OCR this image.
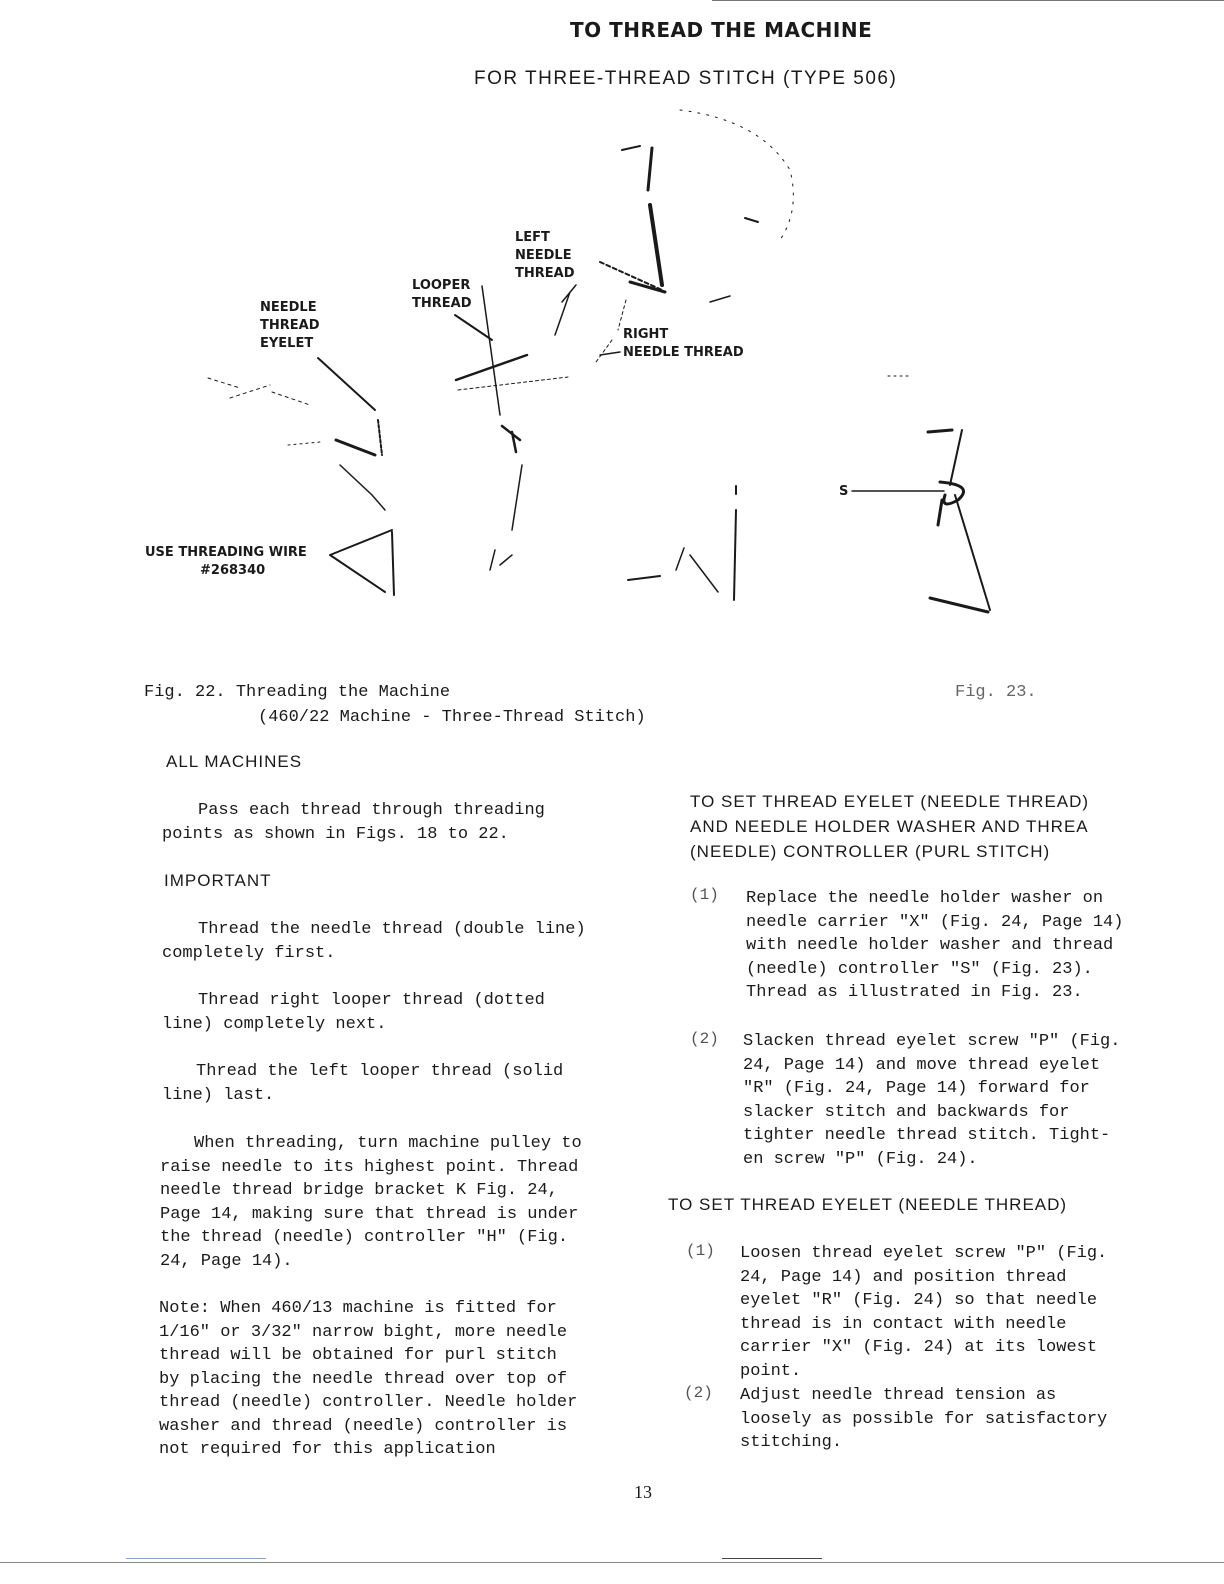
TO THREAD THE MACHINE
FOR THREE-THREAD STITCH (TYPE 506)
LEFT
NEEDLE
THREAD
LOOPER
THREAD
NEEDLE
THREAD
EYELET
RIGHT
NEEDLE THREAD
USE THREADING WIRE
#268340
S
Fig. 22. Threading the Machine
(460/22 Machine - Three-Thread Stitch)
Fig. 23.
ALL MACHINES
Pass each thread through threading
points as shown in Figs. 18 to 22.
IMPORTANT
Thread the needle thread (double line)
completely first.
Thread right looper thread (dotted
line) completely next.
Thread the left looper thread (solid
line) last.
When threading, turn machine pulley to
raise needle to its highest point. Thread
needle thread bridge bracket K Fig. 24,
Page 14, making sure that thread is under
the thread (needle) controller "H" (Fig.
24, Page 14).
Note: When 460/13 machine is fitted for
1/16" or 3/32" narrow bight, more needle
thread will be obtained for purl stitch
by placing the needle thread over top of
thread (needle) controller. Needle holder
washer and thread (needle) controller is
not required for this application
TO SET THREAD EYELET (NEEDLE THREAD)
AND NEEDLE HOLDER WASHER AND THREA
(NEEDLE) CONTROLLER (PURL STITCH)
(1) Replace the needle holder washer on
needle carrier "X" (Fig. 24, Page 14)
with needle holder washer and thread
(needle) controller "S" (Fig. 23).
Thread as illustrated in Fig. 23.
(2) Slacken thread eyelet screw "P" (Fig.
24, Page 14) and move thread eyelet
"R" (Fig. 24, Page 14) forward for
slacker stitch and backwards for
tighter needle thread stitch. Tight-
en screw "P" (Fig. 24).
TO SET THREAD EYELET (NEEDLE THREAD)
(1) Loosen thread eyelet screw "P" (Fig.
24, Page 14) and position thread
eyelet "R" (Fig. 24) so that needle
thread is in contact with needle
carrier "X" (Fig. 24) at its lowest
point.
(2) Adjust needle thread tension as
loosely as possible for satisfactory
stitching.
13
